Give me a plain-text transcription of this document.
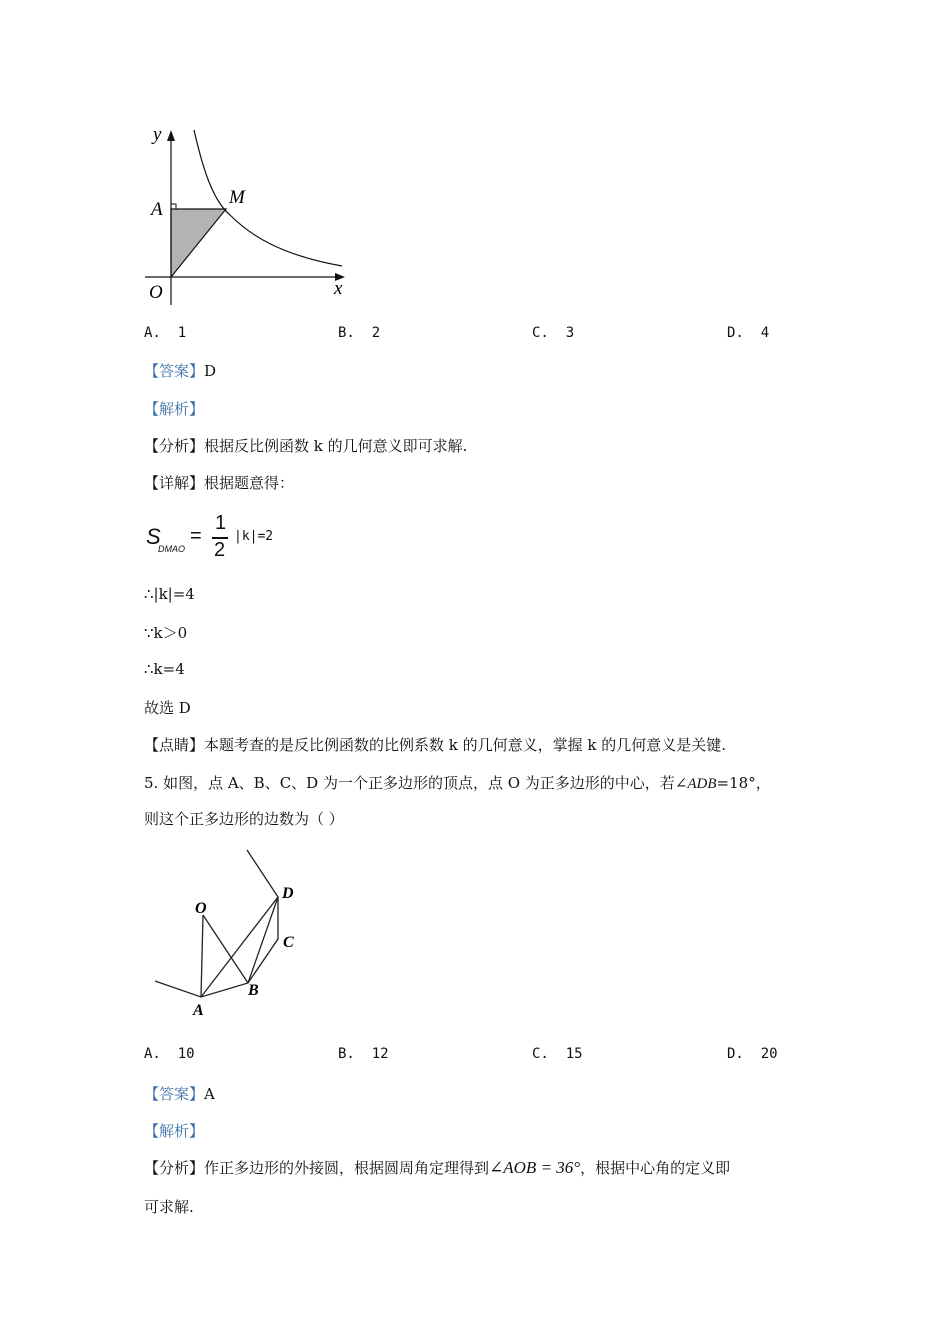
y
A
M
O	x
A. 1	B. 2	C. 3	D. 4
【答案】D
【解析】
【分析】根据反比例函数 k 的几何意义即可求解.
【详解】根据题意得：
S
DMAO
=
1
2
|k|=2
∴|k|=4
∵k＞0
∴k=4
故选 D
【点睛】本题考查的是反比例函数的比例系数 k 的几何意义，掌握 k 的几何意义是关键.
5. 如图，点 A、B、C、D 为一个正多边形的顶点，点 O 为正多边形的中心，若∠ADB=18°，
则这个正多边形的边数为（ ）
O
A
B
C
D
A. 10	B. 12	C. 15	D. 20
【答案】A
【解析】
【分析】作正多边形的外接圆，根据圆周角定理得到∠AOB = 36°，根据中心角的定义即
可求解.
